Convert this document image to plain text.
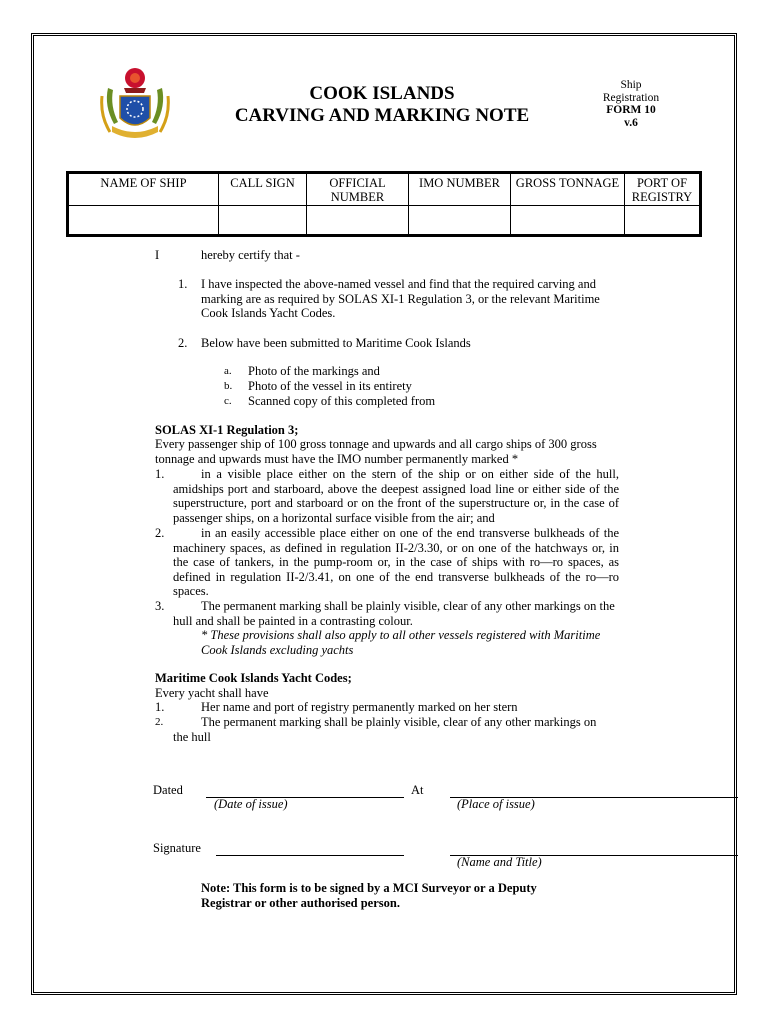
COOK ISLANDS
CARVING AND MARKING NOTE
Ship
Registration
FORM 10
v.6
NAME OF SHIP	CALL SIGN	OFFICIAL NUMBER	IMO NUMBER	GROSS TONNAGE	PORT OF REGISTRY

I	hereby certify that -
1. I have inspected the above-named vessel and find that the required carving and marking are as required by SOLAS XI-1 Regulation 3, or the relevant Maritime Cook Islands Yacht Codes.
2. Below have been submitted to Maritime Cook Islands
a. Photo of the markings and
b. Photo of the vessel in its entirety
c. Scanned copy of this completed from
SOLAS XI-1 Regulation 3;
Every passenger ship of 100 gross tonnage and upwards and all cargo ships of 300 gross tonnage and upwards must have the IMO number permanently marked *
1.	in a visible place either on the stern of the ship or on either side of the hull, amidships port and starboard, above the deepest assigned load line or either side of the superstructure, port and starboard or on the front of the superstructure or, in the case of passenger ships, on a horizontal surface visible from the air; and
2.	in an easily accessible place either on one of the end transverse bulkheads of the machinery spaces, as defined in regulation II-2/3.30, or on one of the hatchways or, in the case of tankers, in the pump-room or, in the case of ships with ro—ro spaces, as defined in regulation II-2/3.41, on one of the end transverse bulkheads of the ro—ro spaces.
3.	The permanent marking shall be plainly visible, clear of any other markings on the hull and shall be painted in a contrasting colour.
* These provisions shall also apply to all other vessels registered with Maritime Cook Islands excluding yachts
Maritime Cook Islands Yacht Codes;
Every yacht shall have
1.	Her name and port of registry permanently marked on her stern
2.	The permanent marking shall be plainly visible, clear of any other markings on the hull
Dated
(Date of issue)
At
(Place of issue)
Signature
(Name and Title)
Note: This form is to be signed by a MCI Surveyor or a Deputy Registrar or other authorised person.
